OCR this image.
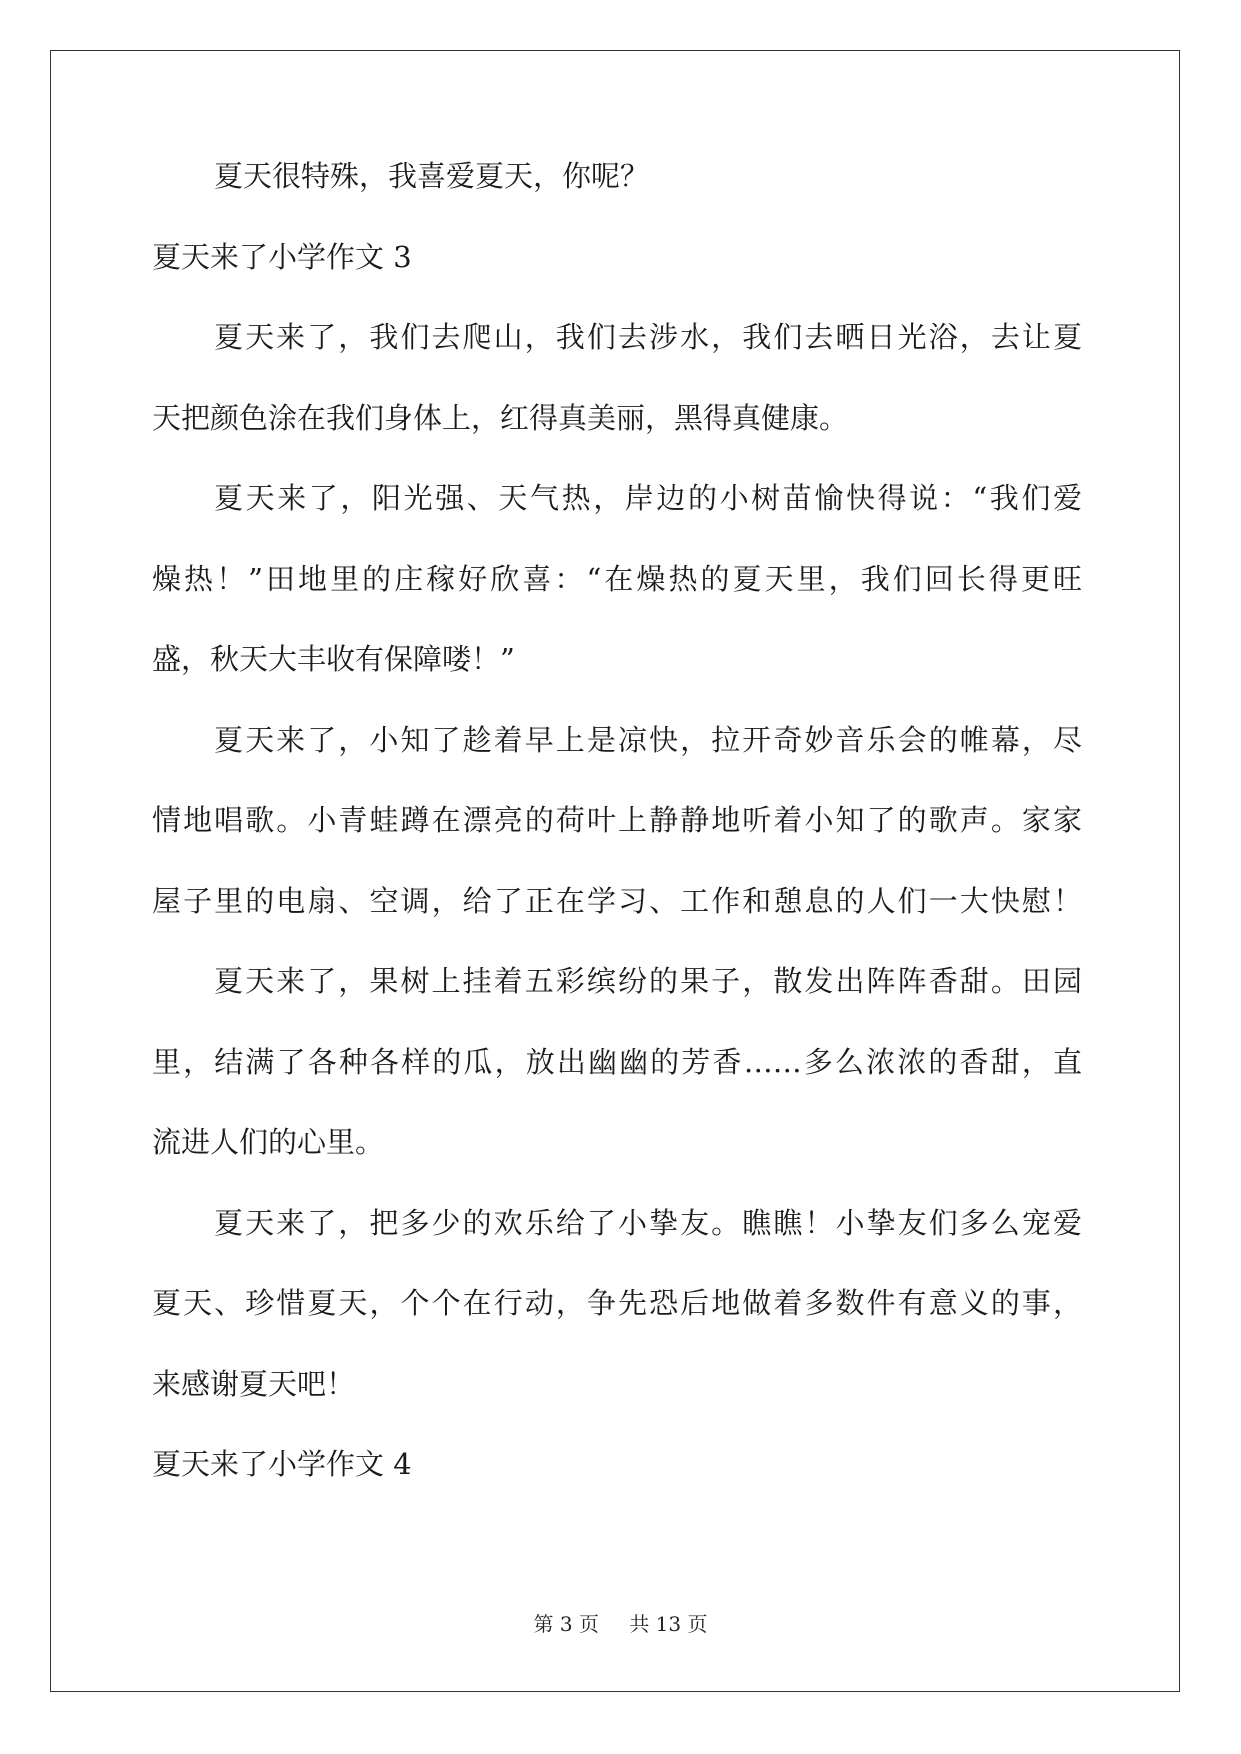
夏天很特殊，我喜爱夏天，你呢？
夏天来了小学作文 3
夏天来了，我们去爬山，我们去涉水，我们去晒日光浴，去让夏
天把颜色涂在我们身体上，红得真美丽，黑得真健康。
夏天来了，阳光强、天气热，岸边的小树苗愉快得说：“我们爱
燥热！”田地里的庄稼好欣喜：“在燥热的夏天里，我们回长得更旺
盛，秋天大丰收有保障喽！”
夏天来了，小知了趁着早上是凉快，拉开奇妙音乐会的帷幕，尽
情地唱歌。小青蛙蹲在漂亮的荷叶上静静地听着小知了的歌声。家家
屋子里的电扇、空调，给了正在学习、工作和憩息的人们一大快慰！
夏天来了，果树上挂着五彩缤纷的果子，散发出阵阵香甜。田园
里，结满了各种各样的瓜，放出幽幽的芳香……多么浓浓的香甜，直
流进人们的心里。
夏天来了，把多少的欢乐给了小挚友。瞧瞧！小挚友们多么宠爱
夏天、珍惜夏天，个个在行动，争先恐后地做着多数件有意义的事，
来感谢夏天吧！
夏天来了小学作文 4
第 3 页 共 13 页
